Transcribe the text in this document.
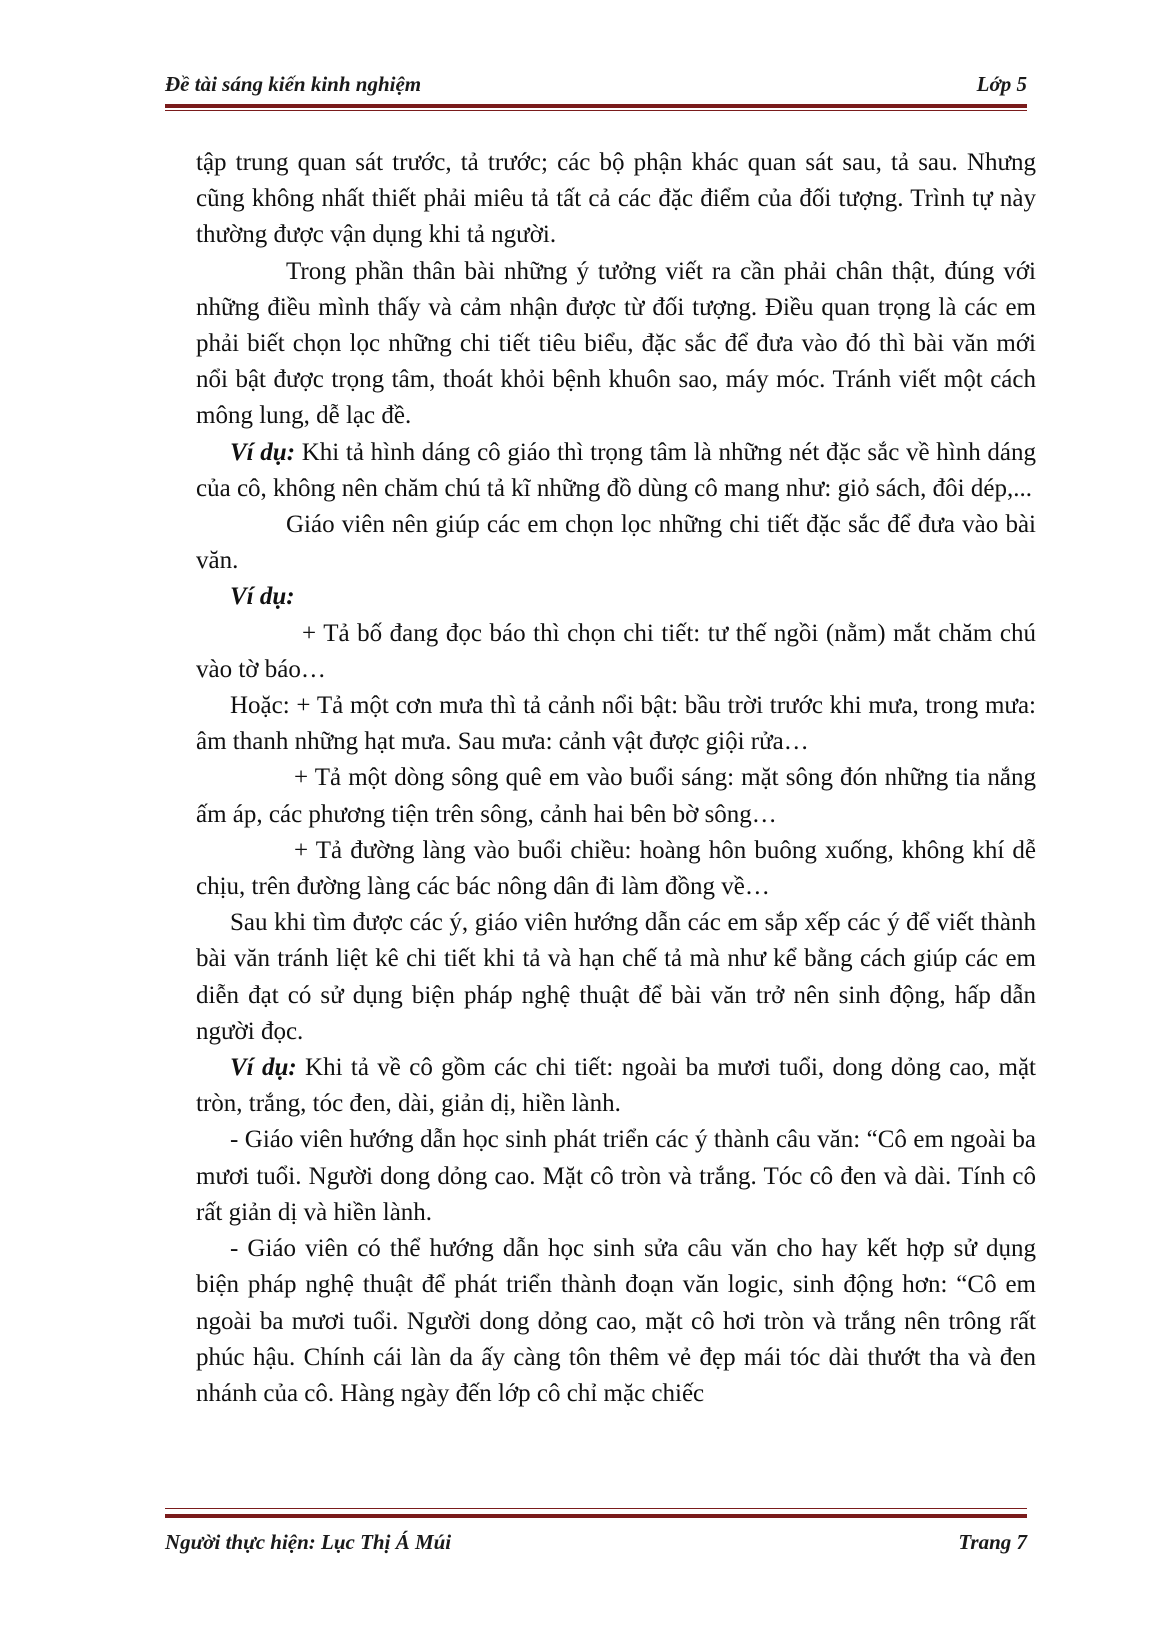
Đề tài sáng kiến kinh nghiệm	Lớp 5

tập trung quan sát trước, tả trước; các bộ phận khác quan sát sau, tả sau. Nhưng cũng không nhất thiết phải miêu tả tất cả các đặc điểm của đối tượng. Trình tự này thường được vận dụng khi tả người.

Trong phần thân bài những ý tưởng viết ra cần phải chân thật, đúng với những điều mình thấy và cảm nhận được từ đối tượng. Điều quan trọng là các em phải biết chọn lọc những chi tiết tiêu biểu, đặc sắc để đưa vào đó thì bài văn mới nổi bật được trọng tâm, thoát khỏi bệnh khuôn sao, máy móc. Tránh viết một cách mông lung, dễ lạc đề.

Ví dụ: Khi tả hình dáng cô giáo thì trọng tâm là những nét đặc sắc về hình dáng của cô, không nên chăm chú tả kĩ những đồ dùng cô mang như: giỏ sách, đôi dép,...

Giáo viên nên giúp các em chọn lọc những chi tiết đặc sắc để đưa vào bài văn.

Ví dụ:

+ Tả bố đang đọc báo thì chọn chi tiết: tư thế ngồi (nằm) mắt chăm chú vào tờ báo…

Hoặc: + Tả một cơn mưa thì tả cảnh nổi bật: bầu trời trước khi mưa, trong mưa: âm thanh những hạt mưa. Sau mưa: cảnh vật được giội rửa…

+ Tả một dòng sông quê em vào buổi sáng: mặt sông đón những tia nắng ấm áp, các phương tiện trên sông, cảnh hai bên bờ sông…

+ Tả đường làng vào buổi chiều: hoàng hôn buông xuống, không khí dễ chịu, trên đường làng các bác nông dân đi làm đồng về…

Sau khi tìm được các ý, giáo viên hướng dẫn các em sắp xếp các ý để viết thành bài văn tránh liệt kê chi tiết khi tả và hạn chế tả mà như kể bằng cách giúp các em diễn đạt có sử dụng biện pháp nghệ thuật để bài văn trở nên sinh động, hấp dẫn người đọc.

Ví dụ: Khi tả về cô gồm các chi tiết: ngoài ba mươi tuổi, dong dỏng cao, mặt tròn, trắng, tóc đen, dài, giản dị, hiền lành.

- Giáo viên hướng dẫn học sinh phát triển các ý thành câu văn: “Cô em ngoài ba mươi tuổi. Người dong dỏng cao. Mặt cô tròn và trắng. Tóc cô đen và dài. Tính cô rất giản dị và hiền lành.

- Giáo viên có thể hướng dẫn học sinh sửa câu văn cho hay kết hợp sử dụng biện pháp nghệ thuật để phát triển thành đoạn văn logic, sinh động hơn: “Cô em ngoài ba mươi tuổi. Người dong dỏng cao, mặt cô hơi tròn và trắng nên trông rất phúc hậu. Chính cái làn da ấy càng tôn thêm vẻ đẹp mái tóc dài thướt tha và đen nhánh của cô. Hàng ngày đến lớp cô chỉ mặc chiếc

Người thực hiện: Lục Thị Á Múi	Trang 7
